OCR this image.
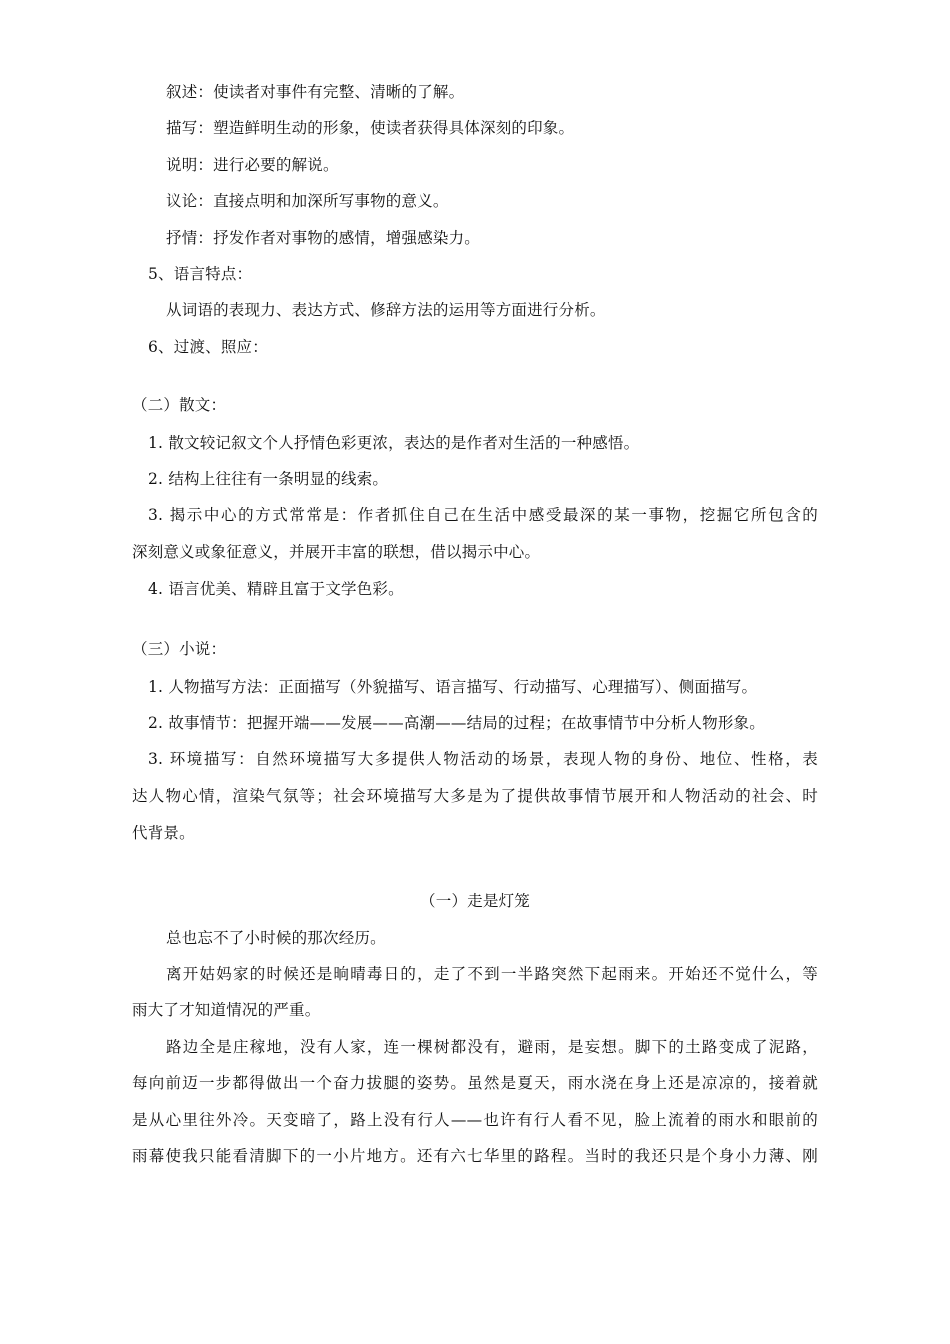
叙述：使读者对事件有完整、清晰的了解。
描写：塑造鲜明生动的形象，使读者获得具体深刻的印象。
说明：进行必要的解说。
议论：直接点明和加深所写事物的意义。
抒情：抒发作者对事物的感情，增强感染力。
5、语言特点：
从词语的表现力、表达方式、修辞方法的运用等方面进行分析。
6、过渡、照应：
（二）散文：
1. 散文较记叙文个人抒情色彩更浓，表达的是作者对生活的一种感悟。
2. 结构上往往有一条明显的线索。
3. 揭示中心的方式常常是：作者抓住自己在生活中感受最深的某一事物，挖掘它所包含的
深刻意义或象征意义，并展开丰富的联想，借以揭示中心。
4. 语言优美、精辟且富于文学色彩。
（三）小说：
1. 人物描写方法：正面描写（外貌描写、语言描写、行动描写、心理描写）、侧面描写。
2. 故事情节：把握开端——发展——高潮——结局的过程；在故事情节中分析人物形象。
3. 环境描写：自然环境描写大多提供人物活动的场景，表现人物的身份、地位、性格，表
达人物心情，渲染气氛等；社会环境描写大多是为了提供故事情节展开和人物活动的社会、时
代背景。
（一）走是灯笼
总也忘不了小时候的那次经历。
离开姑妈家的时候还是晌晴毒日的，走了不到一半路突然下起雨来。开始还不觉什么，等
雨大了才知道情况的严重。
路边全是庄稼地，没有人家，连一棵树都没有，避雨，是妄想。脚下的土路变成了泥路，
每向前迈一步都得做出一个奋力拔腿的姿势。虽然是夏天，雨水浇在身上还是凉凉的，接着就
是从心里往外冷。天变暗了，路上没有行人——也许有行人看不见，脸上流着的雨水和眼前的
雨幕使我只能看清脚下的一小片地方。还有六七华里的路程。当时的我还只是个身小力薄、刚
